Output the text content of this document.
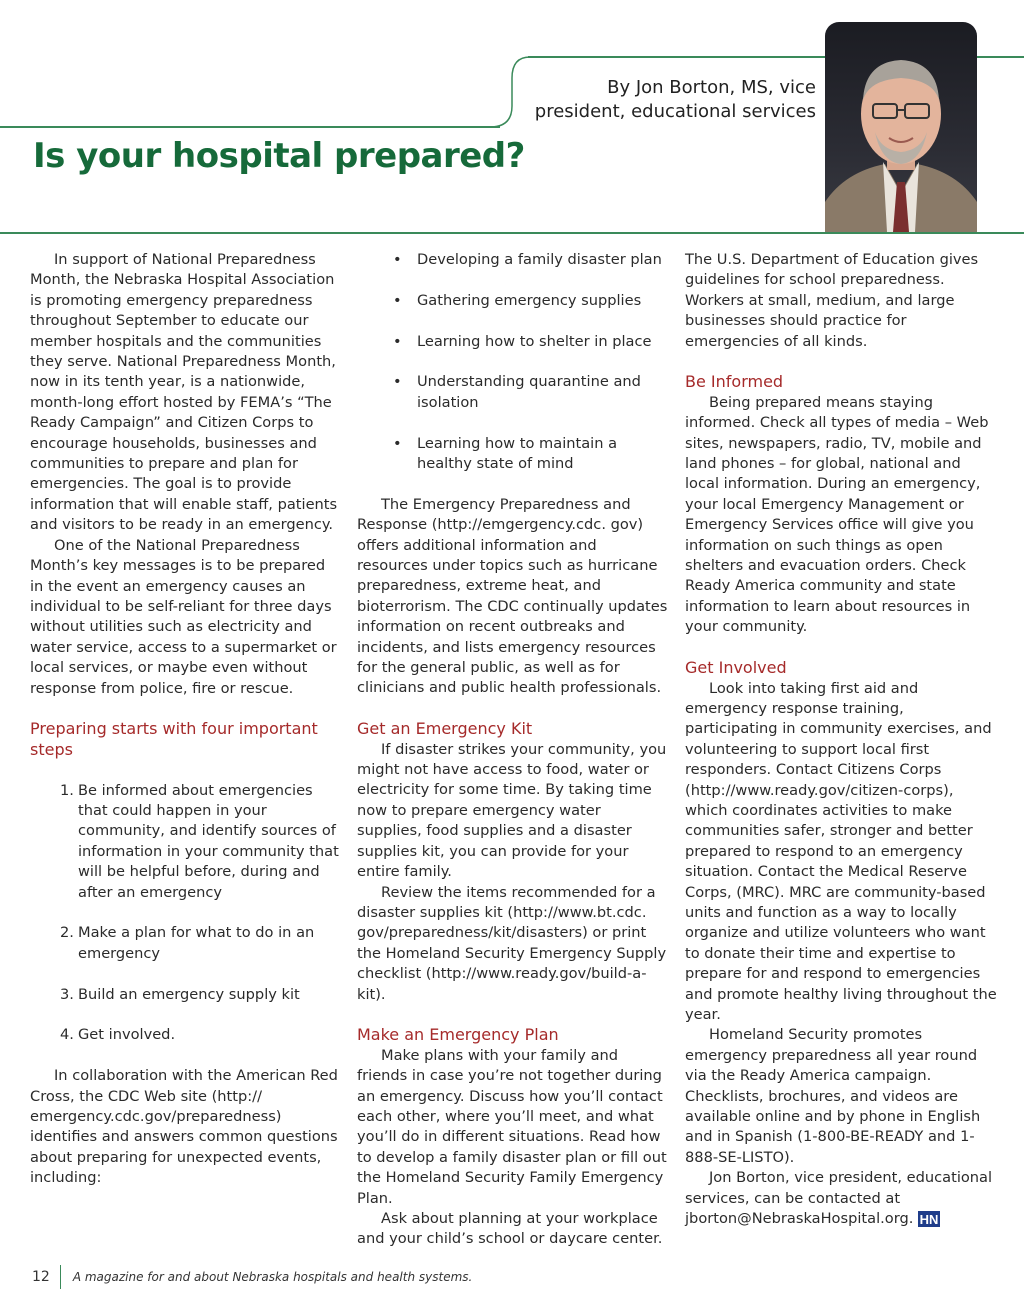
By Jon Borton, MS, vice
president, educational services
Is your hospital prepared?

In support of National Preparedness Month, the Nebraska Hospital Association is promoting emergency preparedness throughout September to educate our member hospitals and the communities they serve. National Preparedness Month, now in its tenth year, is a nationwide, month-long effort hosted by FEMA’s “The Ready Campaign” and Citizen Corps to encourage households, businesses and communities to prepare and plan for emergencies. The goal is to provide information that will enable staff, patients and visitors to be ready in an emergency.

One of the National Preparedness Month’s key messages is to be prepared in the event an emergency causes an individual to be self-reliant for three days without utilities such as electricity and water service, access to a supermarket or local services, or maybe even without response from police, fire or rescue.

Preparing starts with four important steps
1. Be informed about emergencies that could happen in your community, and identify sources of information in your community that will be helpful before, during and after an emergency
2. Make a plan for what to do in an emergency
3. Build an emergency supply kit
4. Get involved.

In collaboration with the American Red Cross, the CDC Web site (http:// emergency.cdc.gov/preparedness) identifies and answers common questions about preparing for unexpected events, including:

•	Developing a family disaster plan
•	Gathering emergency supplies
•	Learning how to shelter in place
•	Understanding quarantine and isolation
•	Learning how to maintain a healthy state of mind

The Emergency Preparedness and Response (http://emgergency.cdc. gov) offers additional information and resources under topics such as hurricane preparedness, extreme heat, and bioterrorism. The CDC continually updates information on recent outbreaks and incidents, and lists emergency resources for the general public, as well as for clinicians and public health professionals.

Get an Emergency Kit

If disaster strikes your community, you might not have access to food, water or electricity for some time. By taking time now to prepare emergency water supplies, food supplies and a disaster supplies kit, you can provide for your entire family.

Review the items recommended for a disaster supplies kit (http://www.bt.cdc. gov/preparedness/kit/disasters) or print the Homeland Security Emergency Supply checklist (http://www.ready.gov/build-a- kit).

Make an Emergency Plan

Make plans with your family and friends in case you’re not together during an emergency. Discuss how you’ll contact each other, where you’ll meet, and what you’ll do in different situations. Read how to develop a family disaster plan or fill out the Homeland Security Family Emergency Plan.

Ask about planning at your workplace and your child’s school or daycare center.

The U.S. Department of Education gives guidelines for school preparedness. Workers at small, medium, and large businesses should practice for emergencies of all kinds.

Be Informed

Being prepared means staying informed. Check all types of media – Web sites, newspapers, radio, TV, mobile and land phones – for global, national and local information. During an emergency, your local Emergency Management or Emergency Services office will give you information on such things as open shelters and evacuation orders. Check Ready America community and state information to learn about resources in your community.

Get Involved

Look into taking first aid and emergency response training, participating in community exercises, and volunteering to support local first responders. Contact Citizens Corps (http://www.ready.gov/citizen-corps), which coordinates activities to make communities safer, stronger and better prepared to respond to an emergency situation. Contact the Medical Reserve Corps, (MRC). MRC are community-based units and function as a way to locally organize and utilize volunteers who want to donate their time and expertise to prepare for and respond to emergencies and promote healthy living throughout the year.

Homeland Security promotes emergency preparedness all year round via the Ready America campaign. Checklists, brochures, and videos are available online and by phone in English and in Spanish (1-800-BE-READY and 1-888-SE-LISTO).

Jon Borton, vice president, educational services, can be contacted at jborton@NebraskaHospital.org. HN

12 A magazine for and about Nebraska hospitals and health systems.
